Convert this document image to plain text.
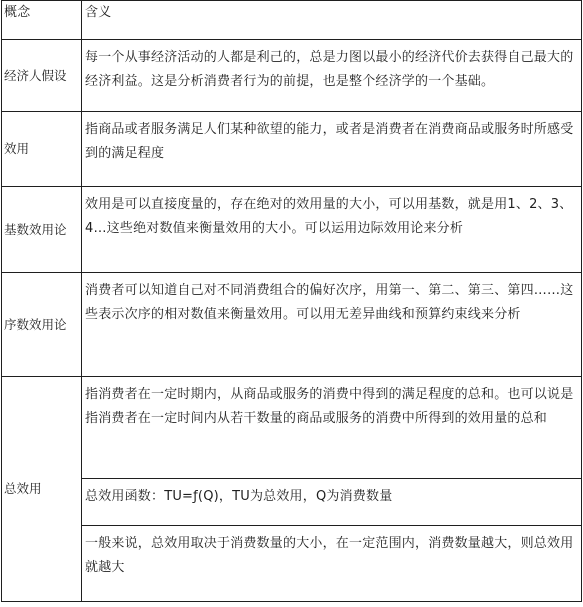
概念	含义
经济人假设	每一个从事经济活动的人都是利己的，总是力图以最小的经济代价去获得自己最大的经济利益。这是分析消费者行为的前提，也是整个经济学的一个基础。
效用	指商品或者服务满足人们某种欲望的能力，或者是消费者在消费商品或服务时所感受到的满足程度
基数效用论	效用是可以直接度量的，存在绝对的效用量的大小，可以用基数，就是用1、2、3、4…这些绝对数值来衡量效用的大小。可以运用边际效用论来分析
序数效用论	消费者可以知道自己对不同消费组合的偏好次序，用第一、第二、第三、第四……这些表示次序的相对数值来衡量效用。可以用无差异曲线和预算约束线来分析
总效用	指消费者在一定时期内，从商品或服务的消费中得到的满足程度的总和。也可以说是指消费者在一定时间内从若干数量的商品或服务的消费中所得到的效用量的总和

总效用函数：TU=ƒ(Q)，TU为总效用，Q为消费数量

一般来说，总效用取决于消费数量的大小，在一定范围内，消费数量越大，则总效用就越大
